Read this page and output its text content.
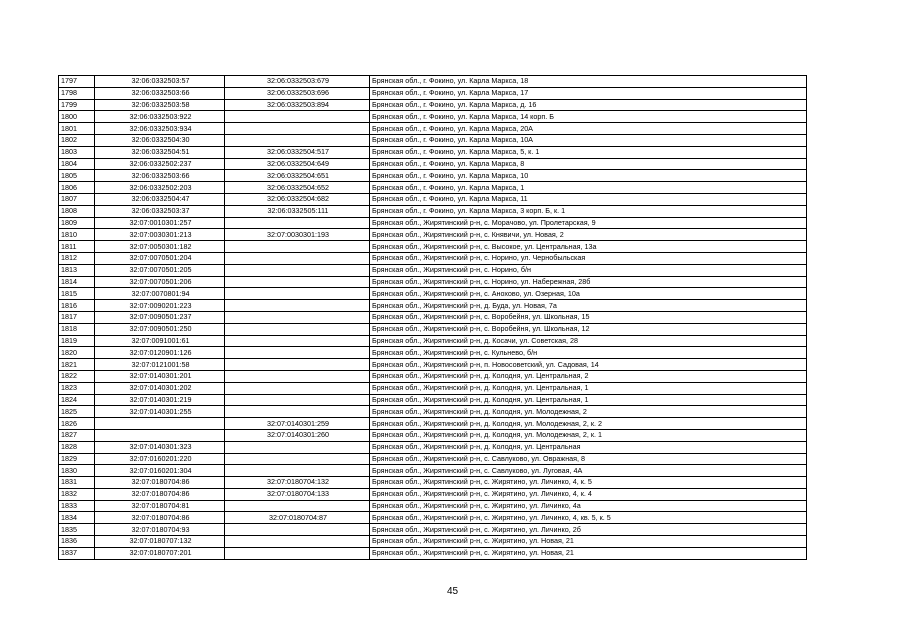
1797	32:06:0332503:57	32:06:0332503:679	Брянская обл., г. Фокино, ул. Карла Маркса, 18
1798	32:06:0332503:66	32:06:0332503:696	Брянская обл., г. Фокино, ул. Карла Маркса, 17
1799	32:06:0332503:58	32:06:0332503:894	Брянская обл., г. Фокино, ул. Карла Маркса, д. 16
1800	32:06:0332503:922		Брянская обл., г. Фокино, ул. Карла Маркса, 14 корп. Б
1801	32:06:0332503:934		Брянская обл., г. Фокино, ул. Карла Маркса, 20А
1802	32:06:0332504:30		Брянская обл., г. Фокино, ул. Карла Маркса, 10А
1803	32:06:0332504:51	32:06:0332504:517	Брянская обл., г. Фокино, ул. Карла Маркса, 5, к. 1
1804	32:06:0332502:237	32:06:0332504:649	Брянская обл., г. Фокино, ул. Карла Маркса, 8
1805	32:06:0332503:66	32:06:0332504:651	Брянская обл., г. Фокино, ул. Карла Маркса, 10
1806	32:06:0332502:203	32:06:0332504:652	Брянская обл., г. Фокино, ул. Карла Маркса, 1
1807	32:06:0332504:47	32:06:0332504:682	Брянская обл., г. Фокино, ул. Карла Маркса, 11
1808	32:06:0332503:37	32:06:0332505:111	Брянская обл., г. Фокино, ул. Карла Маркса, 3 корп. Б, к. 1
1809	32:07:0010301:257		Брянская обл., Жирятинский р-н, с. Морачово, ул. Пролетарская, 9
1810	32:07:0030301:213	32:07:0030301:193	Брянская обл., Жирятинский р-н, с. Княвичи, ул. Новая, 2
1811	32:07:0050301:182		Брянская обл., Жирятинский р-н, с. Высокое, ул. Центральная, 13а
1812	32:07:0070501:204		Брянская обл., Жирятинский р-н, с. Норино, ул. Чернобыльская
1813	32:07:0070501:205		Брянская обл., Жирятинский р-н, с. Норино, б/н
1814	32:07:0070501:206		Брянская обл., Жирятинский р-н, с. Норино, ул. Набережная, 28б
1815	32:07:0070801:94		Брянская обл., Жирятинский р-н, с. Анохово, ул. Озерная, 10а
1816	32:07:0090201:223		Брянская обл., Жирятинский р-н, д. Буда, ул. Новая, 7а
1817	32:07:0090501:237		Брянская обл., Жирятинский р-н, с. Воробейня, ул. Школьная, 15
1818	32:07:0090501:250		Брянская обл., Жирятинский р-н, с. Воробейня, ул. Школьная, 12
1819	32:07:0091001:61		Брянская обл., Жирятинский р-н, д. Косачи, ул. Советская, 28
1820	32:07:0120901:126		Брянская обл., Жирятинский р-н, с. Кульнево, б/н
1821	32:07:0121001:58		Брянская обл., Жирятинский р-н, п. Новосоветский, ул. Садовая, 14
1822	32:07:0140301:201		Брянская обл., Жирятинский р-н, д. Колодня, ул. Центральная, 2
1823	32:07:0140301:202		Брянская обл., Жирятинский р-н, д. Колодня, ул. Центральная, 1
1824	32:07:0140301:219		Брянская обл., Жирятинский р-н, д. Колодня, ул. Центральная, 1
1825	32:07:0140301:255		Брянская обл., Жирятинский р-н, д. Колодня, ул. Молодежная, 2
1826		32:07:0140301:259	Брянская обл., Жирятинский р-н, д. Колодня, ул. Молодежная, 2, к. 2
1827		32:07:0140301:260	Брянская обл., Жирятинский р-н, д. Колодня, ул. Молодежная, 2, к. 1
1828	32:07:0140301:323		Брянская обл., Жирятинский р-н, д. Колодня, ул. Центральная
1829	32:07:0160201:220		Брянская обл., Жирятинский р-н, с. Савлуково, ул. Овражная, 8
1830	32:07:0160201:304		Брянская обл., Жирятинский р-н, с. Савлуково, ул. Луговая, 4А
1831	32:07:0180704:86	32:07:0180704:132	Брянская обл., Жирятинский р-н, с. Жирятино, ул. Личинко, 4, к. 5
1832	32:07:0180704:86	32:07:0180704:133	Брянская обл., Жирятинский р-н, с. Жирятино, ул. Личинко, 4, к. 4
1833	32:07:0180704:81		Брянская обл., Жирятинский р-н, с. Жирятино, ул. Личинко, 4а
1834	32:07:0180704:86	32:07:0180704:87	Брянская обл., Жирятинский р-н, с. Жирятино, ул. Личинко, 4, кв. 5, к. 5
1835	32:07:0180704:93		Брянская обл., Жирятинский р-н, с. Жирятино, ул. Личинко, 2б
1836	32:07:0180707:132		Брянская обл., Жирятинский р-н, с. Жирятино, ул. Новая, 21
1837	32:07:0180707:201		Брянская обл., Жирятинский р-н, с. Жирятино, ул. Новая, 21
45
